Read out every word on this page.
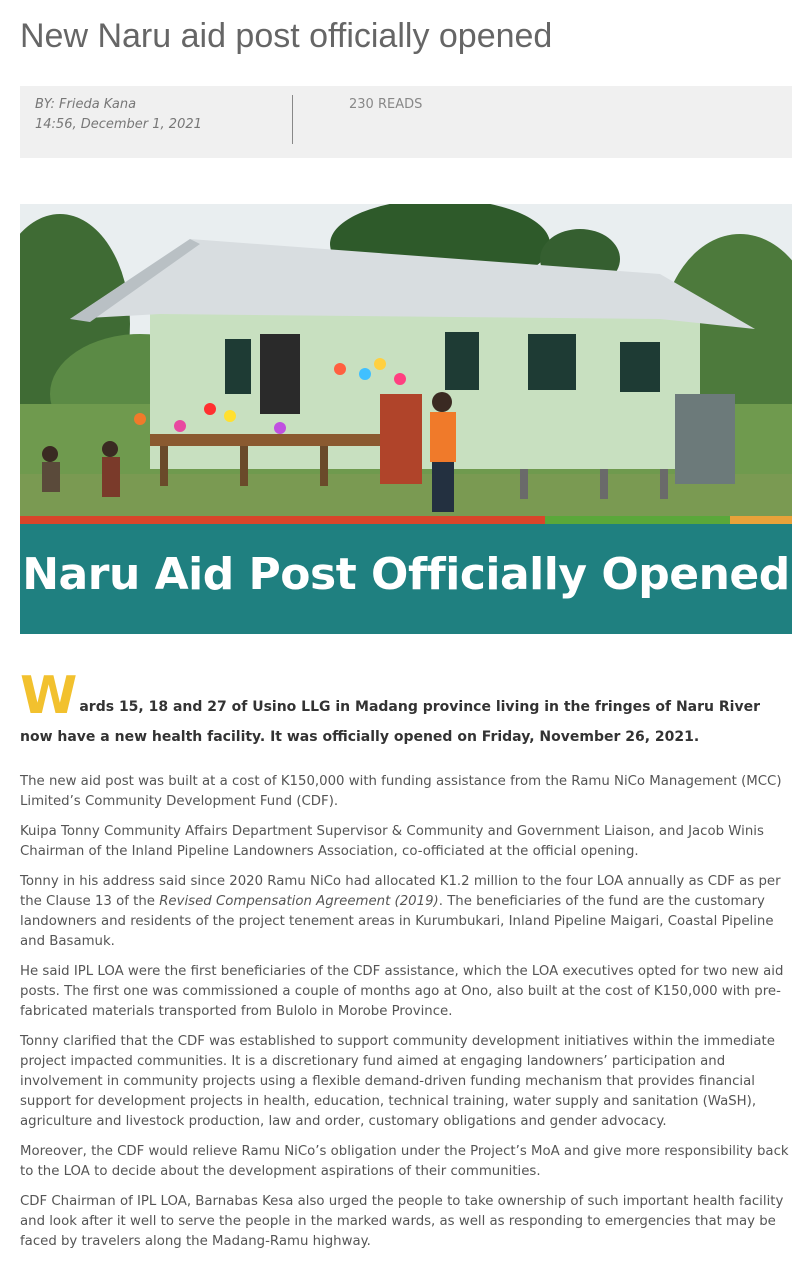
New Naru aid post officially opened
BY: Frieda Kana
14:56, December 1, 2021
230 READS
Naru Aid Post Officially Opened
W ards 15, 18 and 27 of Usino LLG in Madang province living in the fringes of Naru River now have a new health facility. It was officially opened on Friday, November 26, 2021.

The new aid post was built at a cost of K150,000 with funding assistance from the Ramu NiCo Management (MCC) Limited’s Community Development Fund (CDF).

Kuipa Tonny Community Affairs Department Supervisor & Community and Government Liaison, and Jacob Winis Chairman of the Inland Pipeline Landowners Association, co-officiated at the official opening.

Tonny in his address said since 2020 Ramu NiCo had allocated K1.2 million to the four LOA annually as CDF as per the Clause 13 of the Revised Compensation Agreement (2019). The beneficiaries of the fund are the customary landowners and residents of the project tenement areas in Kurumbukari, Inland Pipeline Maigari, Coastal Pipeline and Basamuk.

He said IPL LOA were the first beneficiaries of the CDF assistance, which the LOA executives opted for two new aid posts. The first one was commissioned a couple of months ago at Ono, also built at the cost of K150,000 with pre-fabricated materials transported from Bulolo in Morobe Province.

Tonny clarified that the CDF was established to support community development initiatives within the immediate project impacted communities. It is a discretionary fund aimed at engaging landowners’ participation and involvement in community projects using a flexible demand-driven funding mechanism that provides financial support for development projects in health, education, technical training, water supply and sanitation (WaSH), agriculture and livestock production, law and order, customary obligations and gender advocacy.

Moreover, the CDF would relieve Ramu NiCo’s obligation under the Project’s MoA and give more responsibility back to the LOA to decide about the development aspirations of their communities.

CDF Chairman of IPL LOA, Barnabas Kesa also urged the people to take ownership of such important health facility and look after it well to serve the people in the marked wards, as well as responding to emergencies that may be faced by travelers along the Madang-Ramu highway.
